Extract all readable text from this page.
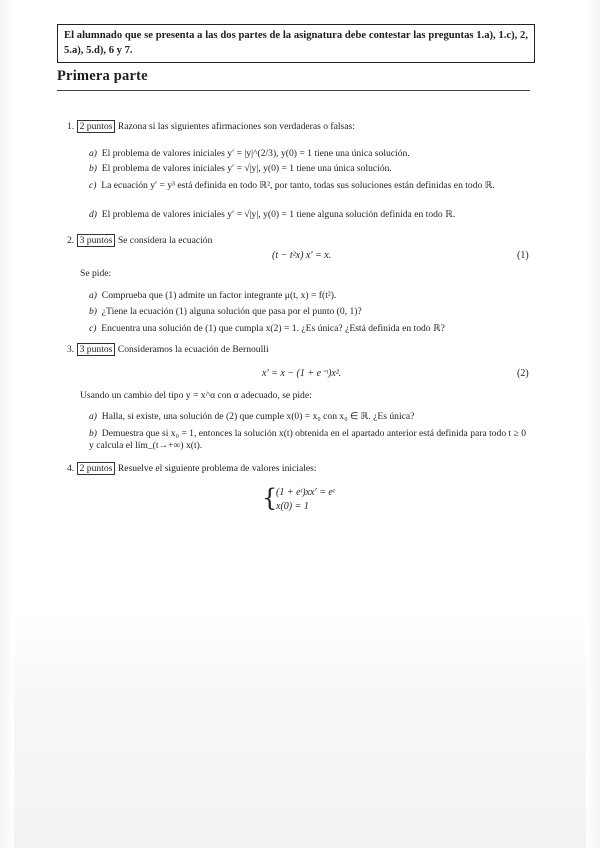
El alumnado que se presenta a las dos partes de la asignatura debe contestar las preguntas 1.a), 1.c), 2, 5.a), 5.d), 6 y 7.
Primera parte
1. 2 puntos Razona si las siguientes afirmaciones son verdaderas o falsas:
a) El problema de valores iniciales y′ = |y|^(2/3), y(0) = 1 tiene una única solución.
b) El problema de valores iniciales y′ = √|y|, y(0) = 1 tiene una única solución.
c) La ecuación y′ = y³ está definida en todo ℝ², por tanto, todas sus soluciones están definidas en todo ℝ.
d) El problema de valores iniciales y′ = √|y|, y(0) = 1 tiene alguna solución definida en todo ℝ.
2. 3 puntos Se considera la ecuación
(t − t²x) x′ = x.	(1)
Se pide:
a) Comprueba que (1) admite un factor integrante μ(t, x) = f(t²).
b) ¿Tiene la ecuación (1) alguna solución que pasa por el punto (0, 1)?
c) Encuentra una solución de (1) que cumpla x(2) = 1. ¿Es única? ¿Está definida en todo ℝ?
3. 3 puntos Consideramos la ecuación de Bernoulli
x′ = x − (1 + e⁻ᵗ)x².	(2)
Usando un cambio del tipo y = x^α con α adecuado, se pide:
a) Halla, si existe, una solución de (2) que cumple x(0) = x₀ con x₀ ∈ ℝ. ¿Es única?
b) Demuestra que si x₀ = 1, entonces la solución x(t) obtenida en el apartado anterior está definida para todo t ≥ 0 y calcula el lím_(t→+∞) x(t).
4. 2 puntos Resuelve el siguiente problema de valores iniciales:
{
(1 + eᵗ)xx′ = eᵗ
x(0) = 1
